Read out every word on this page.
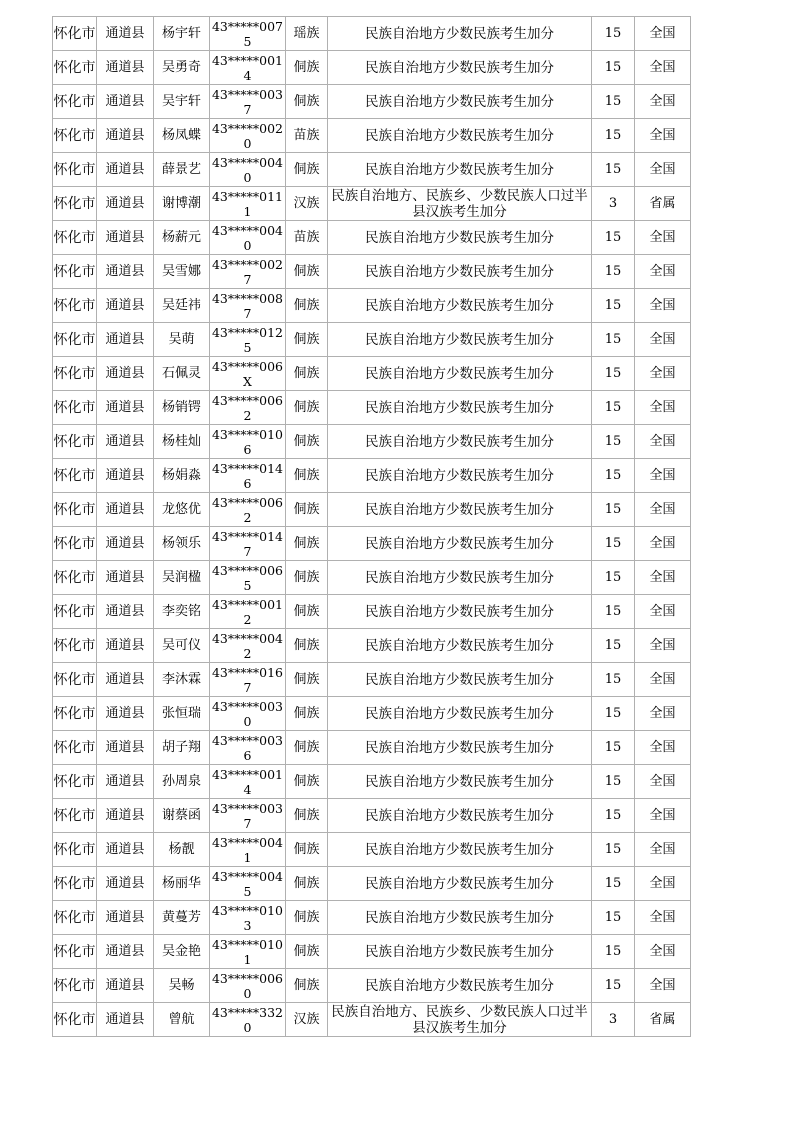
怀化市	通道县	杨宇轩	43*****0075	瑶族	民族自治地方少数民族考生加分	15	全国
怀化市	通道县	吴勇奇	43*****0014	侗族	民族自治地方少数民族考生加分	15	全国
怀化市	通道县	吴宇轩	43*****0037	侗族	民族自治地方少数民族考生加分	15	全国
怀化市	通道县	杨凤蝶	43*****0020	苗族	民族自治地方少数民族考生加分	15	全国
怀化市	通道县	薛景艺	43*****0040	侗族	民族自治地方少数民族考生加分	15	全国
怀化市	通道县	谢博潮	43*****0111	汉族	民族自治地方、民族乡、少数民族人口过半县汉族考生加分	3	省属
怀化市	通道县	杨薪元	43*****0040	苗族	民族自治地方少数民族考生加分	15	全国
怀化市	通道县	吴雪娜	43*****0027	侗族	民族自治地方少数民族考生加分	15	全国
怀化市	通道县	吴廷祎	43*****0087	侗族	民族自治地方少数民族考生加分	15	全国
怀化市	通道县	吴萌	43*****0125	侗族	民族自治地方少数民族考生加分	15	全国
怀化市	通道县	石佩灵	43*****006X	侗族	民族自治地方少数民族考生加分	15	全国
怀化市	通道县	杨销锷	43*****0062	侗族	民族自治地方少数民族考生加分	15	全国
怀化市	通道县	杨桂灿	43*****0106	侗族	民族自治地方少数民族考生加分	15	全国
怀化市	通道县	杨娟淼	43*****0146	侗族	民族自治地方少数民族考生加分	15	全国
怀化市	通道县	龙悠优	43*****0062	侗族	民族自治地方少数民族考生加分	15	全国
怀化市	通道县	杨领乐	43*****0147	侗族	民族自治地方少数民族考生加分	15	全国
怀化市	通道县	吴润楹	43*****0065	侗族	民族自治地方少数民族考生加分	15	全国
怀化市	通道县	李奕铭	43*****0012	侗族	民族自治地方少数民族考生加分	15	全国
怀化市	通道县	吴可仪	43*****0042	侗族	民族自治地方少数民族考生加分	15	全国
怀化市	通道县	李沐霖	43*****0167	侗族	民族自治地方少数民族考生加分	15	全国
怀化市	通道县	张恒瑞	43*****0030	侗族	民族自治地方少数民族考生加分	15	全国
怀化市	通道县	胡子翔	43*****0036	侗族	民族自治地方少数民族考生加分	15	全国
怀化市	通道县	孙周泉	43*****0014	侗族	民族自治地方少数民族考生加分	15	全国
怀化市	通道县	谢蔡函	43*****0037	侗族	民族自治地方少数民族考生加分	15	全国
怀化市	通道县	杨靓	43*****0041	侗族	民族自治地方少数民族考生加分	15	全国
怀化市	通道县	杨丽华	43*****0045	侗族	民族自治地方少数民族考生加分	15	全国
怀化市	通道县	黄蔓芳	43*****0103	侗族	民族自治地方少数民族考生加分	15	全国
怀化市	通道县	吴金艳	43*****0101	侗族	民族自治地方少数民族考生加分	15	全国
怀化市	通道县	吴畅	43*****0060	侗族	民族自治地方少数民族考生加分	15	全国
怀化市	通道县	曾航	43*****3320	汉族	民族自治地方、民族乡、少数民族人口过半县汉族考生加分	3	省属
